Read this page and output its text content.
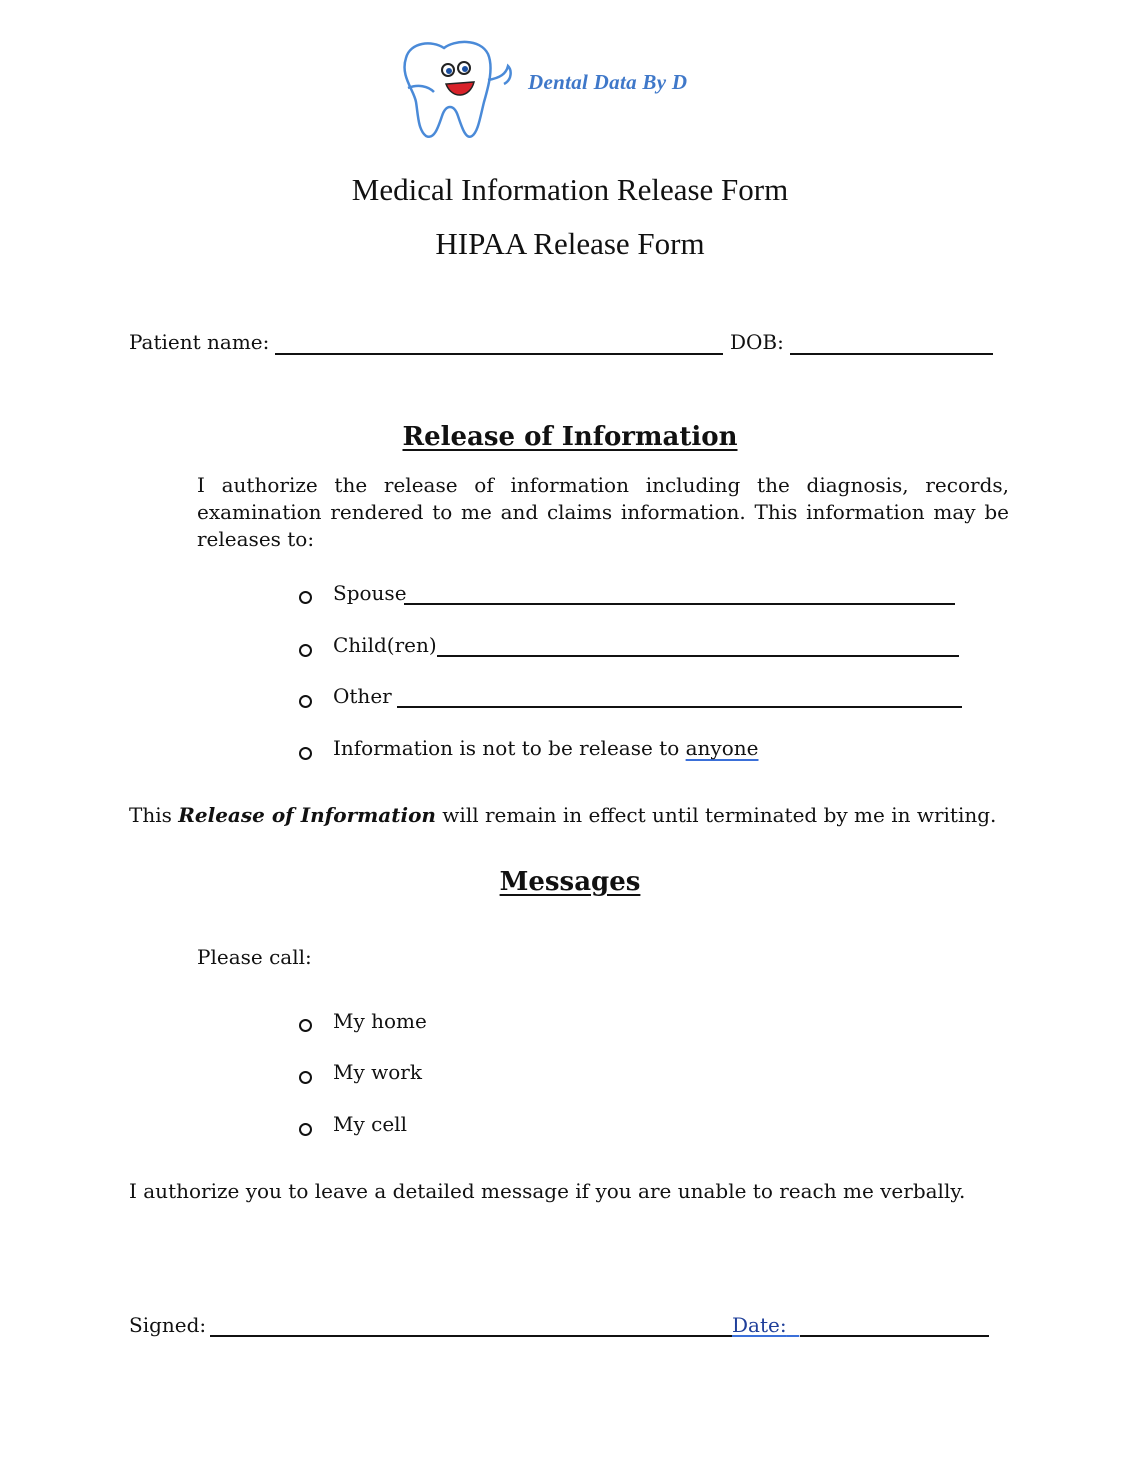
Dental Data By D
Medical Information Release Form
HIPAA Release Form
Patient name:	DOB:
Release of Information
I authorize the release of information including the diagnosis, records, examination rendered to me and claims information. This information may be releases to:
Spouse
Child(ren)
Other
Information is not to be release to anyone
This Release of Information will remain in effect until terminated by me in writing.
Messages
Please call:
My home
My work
My cell
I authorize you to leave a detailed message if you are unable to reach me verbally.
Signed:	Date:
